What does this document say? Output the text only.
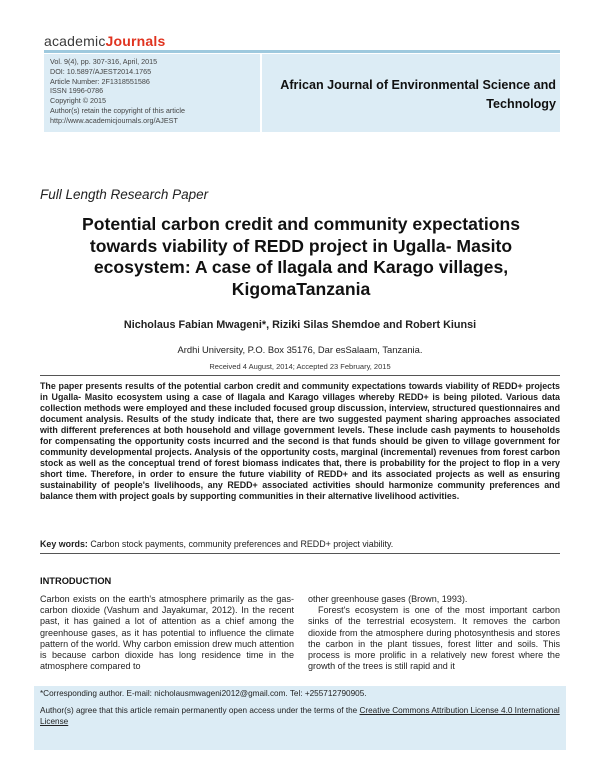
academicJournals
Vol. 9(4), pp. 307-316, April, 2015
DOI: 10.5897/AJEST2014.1765
Article Number: 2F1318551586
ISSN 1996-0786
Copyright © 2015
Author(s) retain the copyright of this article
http://www.academicjournals.org/AJEST
African Journal of Environmental Science and
Technology
Full Length Research Paper
Potential carbon credit and community expectations towards viability of REDD project in Ugalla- Masito ecosystem: A case of Ilagala and Karago villages, KigomaTanzania
Nicholaus Fabian Mwageni*, Riziki Silas Shemdoe and Robert Kiunsi
Ardhi University, P.O. Box 35176, Dar esSalaam, Tanzania.
Received 4 August, 2014; Accepted 23 February, 2015
The paper presents results of the potential carbon credit and community expectations towards viability of REDD+ projects in Ugalla- Masito ecosystem using a case of Ilagala and Karago villages whereby REDD+ is being piloted. Various data collection methods were employed and these included focused group discussion, interview, structured questionnaires and document analysis. Results of the study indicate that, there are two suggested payment sharing approaches associated with different preferences at both household and village government levels. These include cash payments to households for compensating the opportunity costs incurred and the second is that funds should be given to village government for community developmental projects. Analysis of the opportunity costs, marginal (incremental) revenues from forest carbon stock as well as the conceptual trend of forest biomass indicates that, there is probability for the project to flop in a very short time. Therefore, in order to ensure the future viability of REDD+ and its associated projects as well as ensuring sustainability of people's livelihoods, any REDD+ associated activities should harmonize community preferences and balance them with project goals by supporting communities in their alternative livelihood activities.
Key words: Carbon stock payments, community preferences and REDD+ project viability.
INTRODUCTION

Carbon exists on the earth's atmosphere primarily as the gas-carbon dioxide (Vashum and Jayakumar, 2012). In the recent past, it has gained a lot of attention as a chief among the greenhouse gases, as it has potential to influence the climate pattern of the world. Why carbon emission drew much attention is because carbon dioxide has long residence time in the atmosphere compared to

other greenhouse gases (Brown, 1993).

Forest's ecosystem is one of the most important carbon sinks of the terrestrial ecosystem. It removes the carbon dioxide from the atmosphere during photosynthesis and stores the carbon in the plant tissues, forest litter and soils. This process is more prolific in a relatively new forest where the growth of the trees is still rapid and it

*Corresponding author. E-mail: nicholausmwageni2012@gmail.com. Tel: +255712790905.
Author(s) agree that this article remain permanently open access under the terms of the Creative Commons Attribution License 4.0 International License
